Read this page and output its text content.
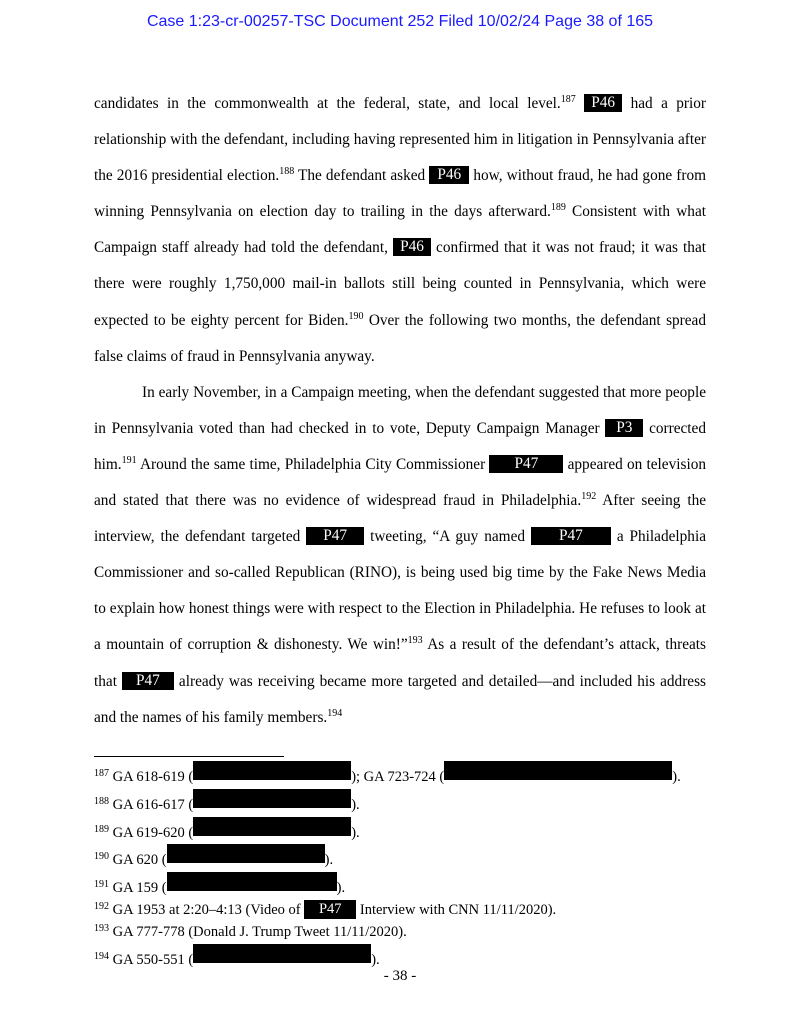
Case 1:23-cr-00257-TSC Document 252 Filed 10/02/24 Page 38 of 165

candidates in the commonwealth at the federal, state, and local level.$^{187}$ P46 had a prior relationship with the defendant, including having represented him in litigation in Pennsylvania after the 2016 presidential election.$^{188}$ The defendant asked P46 how, without fraud, he had gone from winning Pennsylvania on election day to trailing in the days afterward.$^{189}$ Consistent with what Campaign staff already had told the defendant, P46 confirmed that it was not fraud; it was that there were roughly 1,750,000 mail-in ballots still being counted in Pennsylvania, which were expected to be eighty percent for Biden.$^{190}$ Over the following two months, the defendant spread false claims of fraud in Pennsylvania anyway.

In early November, in a Campaign meeting, when the defendant suggested that more people in Pennsylvania voted than had checked in to vote, Deputy Campaign Manager P3 corrected him.$^{191}$ Around the same time, Philadelphia City Commissioner P47 appeared on television and stated that there was no evidence of widespread fraud in Philadelphia.$^{192}$ After seeing the interview, the defendant targeted P47 tweeting, “A guy named P47 a Philadelphia Commissioner and so-called Republican (RINO), is being used big time by the Fake News Media to explain how honest things were with respect to the Election in Philadelphia. He refuses to look at a mountain of corruption & dishonesty. We win!”$^{193}$ As a result of the defendant’s attack, threats that P47 already was receiving became more targeted and detailed—and included his address and the names of his family members.$^{194}$

$^{187}$ GA 618-619 (	); GA 723-724 (	).
$^{188}$ GA 616-617 (	).
$^{189}$ GA 619-620 (	).
$^{190}$ GA 620 (	).
$^{191}$ GA 159 (	).
$^{192}$ GA 1953 at 2:20–4:13 (Video of P47 Interview with CNN 11/11/2020).
$^{193}$ GA 777-778 (Donald J. Trump Tweet 11/11/2020).
$^{194}$ GA 550-551 (	).
- 38 -
